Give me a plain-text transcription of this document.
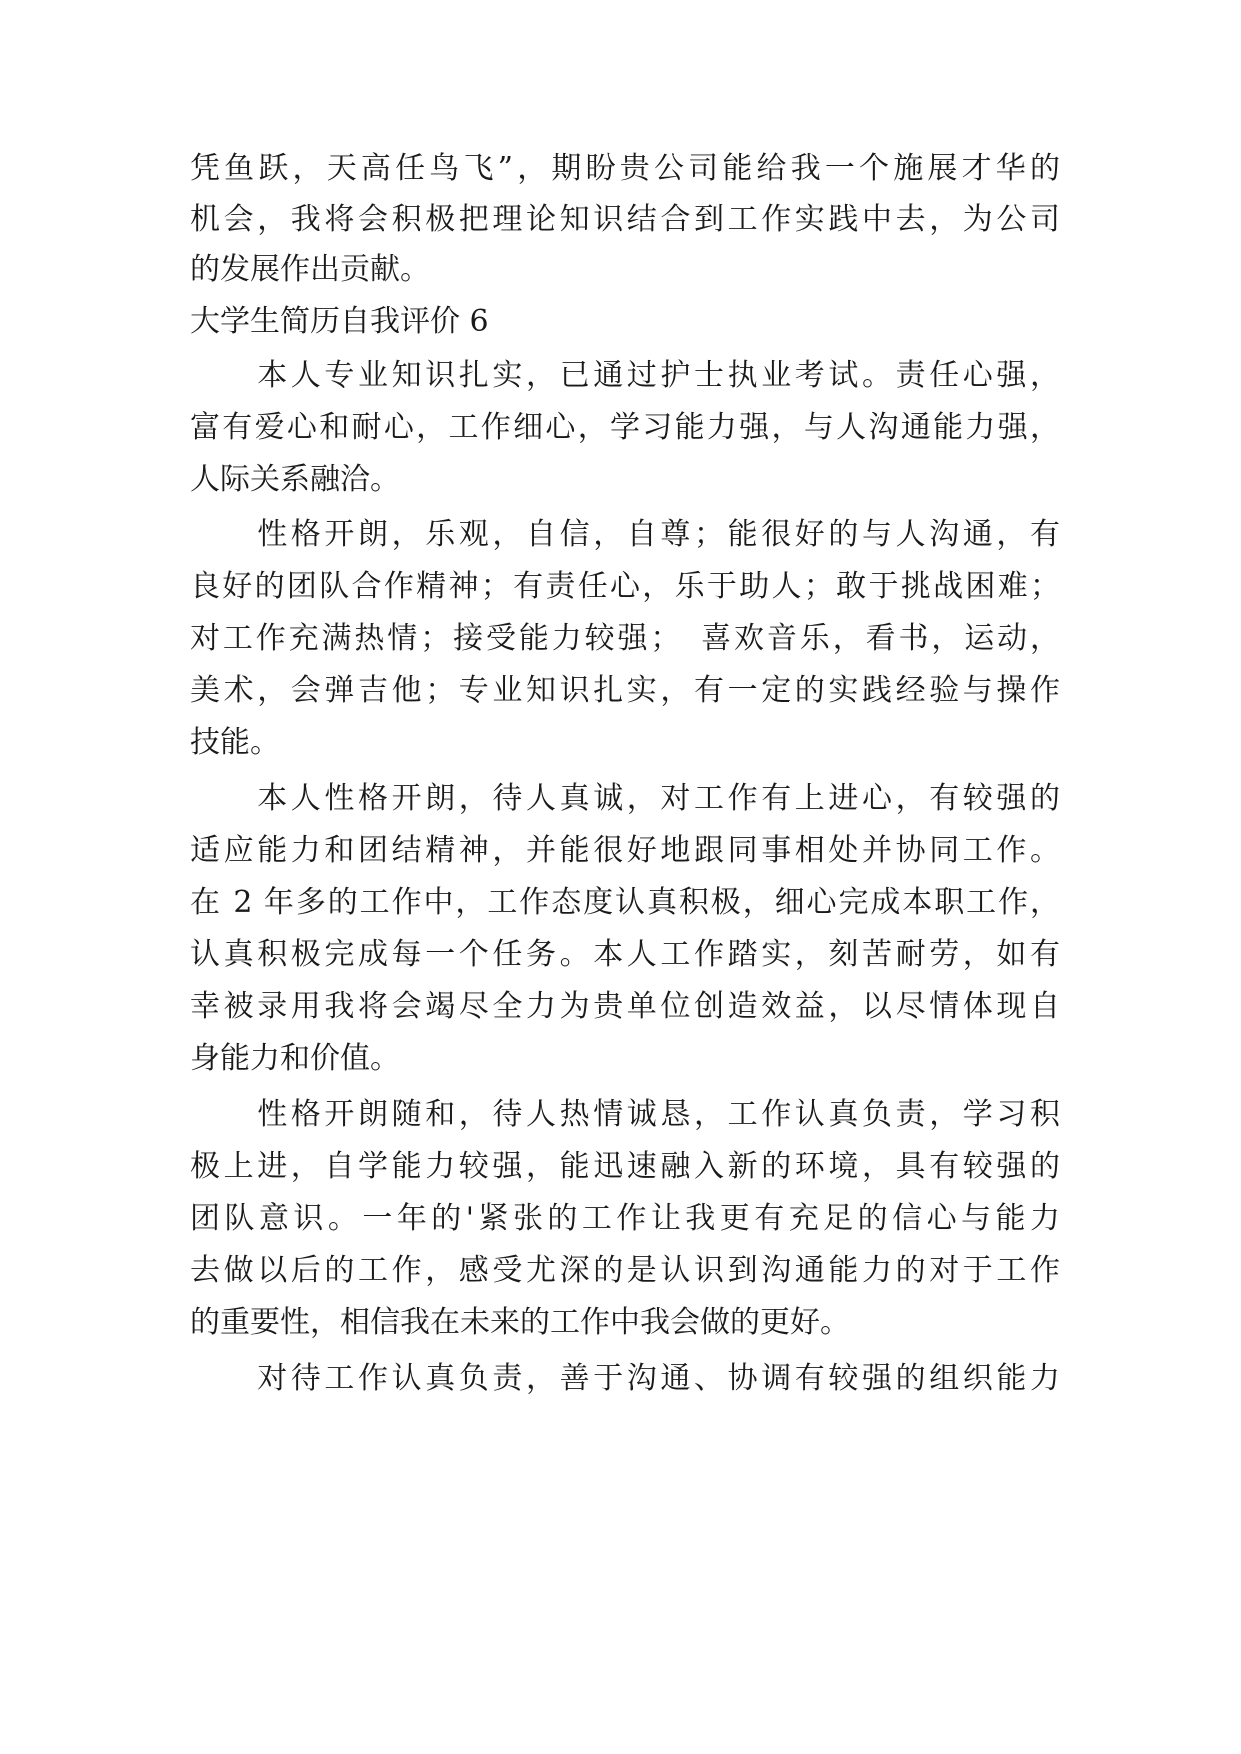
凭鱼跃，天高任鸟飞”，期盼贵公司能给我一个施展才华的
机会，我将会积极把理论知识结合到工作实践中去，为公司
的发展作出贡献。
大学生简历自我评价 6
　　本人专业知识扎实，已通过护士执业考试。责任心强，
富有爱心和耐心，工作细心，学习能力强，与人沟通能力强，
人际关系融洽。
　　性格开朗，乐观，自信，自尊；能很好的与人沟通，有
良好的团队合作精神；有责任心，乐于助人；敢于挑战困难；
对工作充满热情；接受能力较强；　喜欢音乐，看书，运动，
美术，会弹吉他；专业知识扎实，有一定的实践经验与操作
技能。
　　本人性格开朗，待人真诚，对工作有上进心，有较强的
适应能力和团结精神，并能很好地跟同事相处并协同工作。
在 2 年多的工作中，工作态度认真积极，细心完成本职工作，
认真积极完成每一个任务。本人工作踏实，刻苦耐劳，如有
幸被录用我将会竭尽全力为贵单位创造效益，以尽情体现自
身能力和价值。
　　性格开朗随和，待人热情诚恳，工作认真负责，学习积
极上进，自学能力较强，能迅速融入新的环境，具有较强的
团队意识。一年的'紧张的工作让我更有充足的信心与能力
去做以后的工作，感受尤深的是认识到沟通能力的对于工作
的重要性，相信我在未来的工作中我会做的更好。
　　对待工作认真负责，善于沟通、协调有较强的组织能力
